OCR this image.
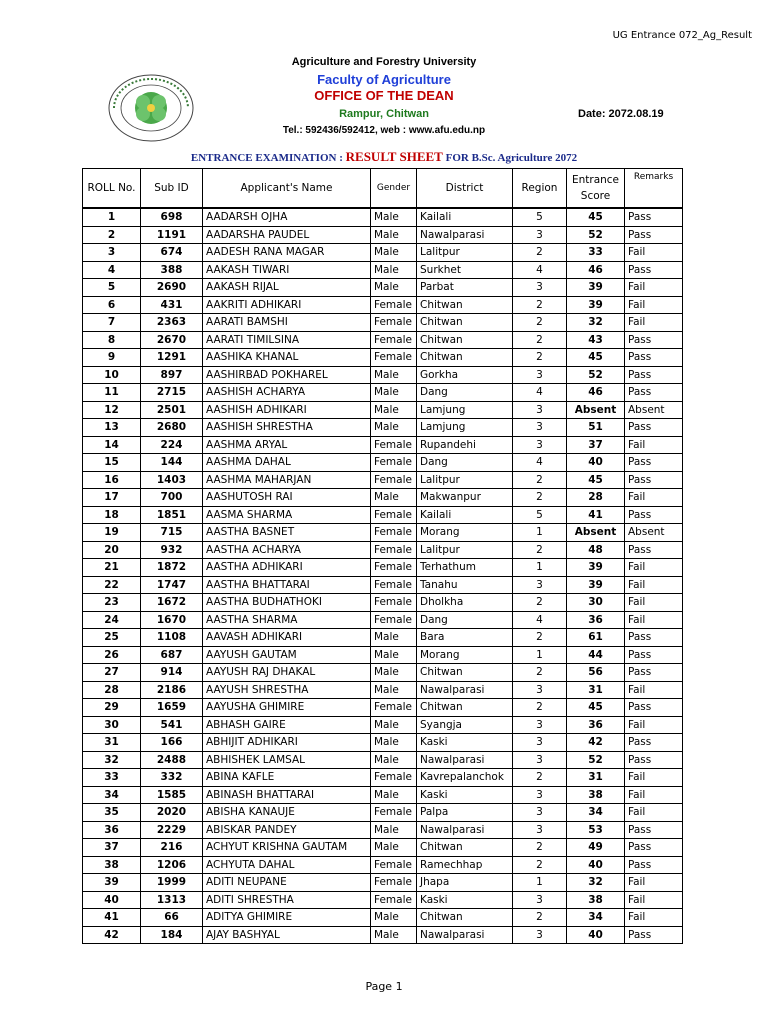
UG Entrance 072_Ag_Result
Agriculture and Forestry University
Faculty of Agriculture
OFFICE OF THE DEAN
Rampur, Chitwan	Date: 2072.08.19
Tel.: 592436/592412, web : www.afu.edu.np
ENTRANCE EXAMINATION : RESULT SHEET FOR B.Sc. Agriculture 2072
ROLL No.	Sub ID	Applicant's Name	Gender	District	Region	Entrance Score	Remarks
1	698	AADARSH OJHA	Male	Kailali	5	45	Pass
2	1191	AADARSHA PAUDEL	Male	Nawalparasi	3	52	Pass
3	674	AADESH RANA MAGAR	Male	Lalitpur	2	33	Fail
4	388	AAKASH TIWARI	Male	Surkhet	4	46	Pass
5	2690	AAKASH RIJAL	Male	Parbat	3	39	Fail
6	431	AAKRITI ADHIKARI	Female	Chitwan	2	39	Fail
7	2363	AARATI BAMSHI	Female	Chitwan	2	32	Fail
8	2670	AARATI TIMILSINA	Female	Chitwan	2	43	Pass
9	1291	AASHIKA KHANAL	Female	Chitwan	2	45	Pass
10	897	AASHIRBAD POKHAREL	Male	Gorkha	3	52	Pass
11	2715	AASHISH ACHARYA	Male	Dang	4	46	Pass
12	2501	AASHISH ADHIKARI	Male	Lamjung	3	Absent	Absent
13	2680	AASHISH SHRESTHA	Male	Lamjung	3	51	Pass
14	224	AASHMA ARYAL	Female	Rupandehi	3	37	Fail
15	144	AASHMA DAHAL	Female	Dang	4	40	Pass
16	1403	AASHMA MAHARJAN	Female	Lalitpur	2	45	Pass
17	700	AASHUTOSH RAI	Male	Makwanpur	2	28	Fail
18	1851	AASMA SHARMA	Female	Kailali	5	41	Pass
19	715	AASTHA BASNET	Female	Morang	1	Absent	Absent
20	932	AASTHA ACHARYA	Female	Lalitpur	2	48	Pass
21	1872	AASTHA ADHIKARI	Female	Terhathum	1	39	Fail
22	1747	AASTHA BHATTARAI	Female	Tanahu	3	39	Fail
23	1672	AASTHA BUDHATHOKI	Female	Dholkha	2	30	Fail
24	1670	AASTHA SHARMA	Female	Dang	4	36	Fail
25	1108	AAVASH ADHIKARI	Male	Bara	2	61	Pass
26	687	AAYUSH GAUTAM	Male	Morang	1	44	Pass
27	914	AAYUSH RAJ DHAKAL	Male	Chitwan	2	56	Pass
28	2186	AAYUSH SHRESTHA	Male	Nawalparasi	3	31	Fail
29	1659	AAYUSHA GHIMIRE	Female	Chitwan	2	45	Pass
30	541	ABHASH GAIRE	Male	Syangja	3	36	Fail
31	166	ABHIJIT ADHIKARI	Male	Kaski	3	42	Pass
32	2488	ABHISHEK LAMSAL	Male	Nawalparasi	3	52	Pass
33	332	ABINA KAFLE	Female	Kavrepalanchok	2	31	Fail
34	1585	ABINASH BHATTARAI	Male	Kaski	3	38	Fail
35	2020	ABISHA KANAUJE	Female	Palpa	3	34	Fail
36	2229	ABISKAR PANDEY	Male	Nawalparasi	3	53	Pass
37	216	ACHYUT KRISHNA GAUTAM	Male	Chitwan	2	49	Pass
38	1206	ACHYUTA DAHAL	Female	Ramechhap	2	40	Pass
39	1999	ADITI NEUPANE	Female	Jhapa	1	32	Fail
40	1313	ADITI SHRESTHA	Female	Kaski	3	38	Fail
41	66	ADITYA GHIMIRE	Male	Chitwan	2	34	Fail
42	184	AJAY BASHYAL	Male	Nawalparasi	3	40	Pass
Page 1
